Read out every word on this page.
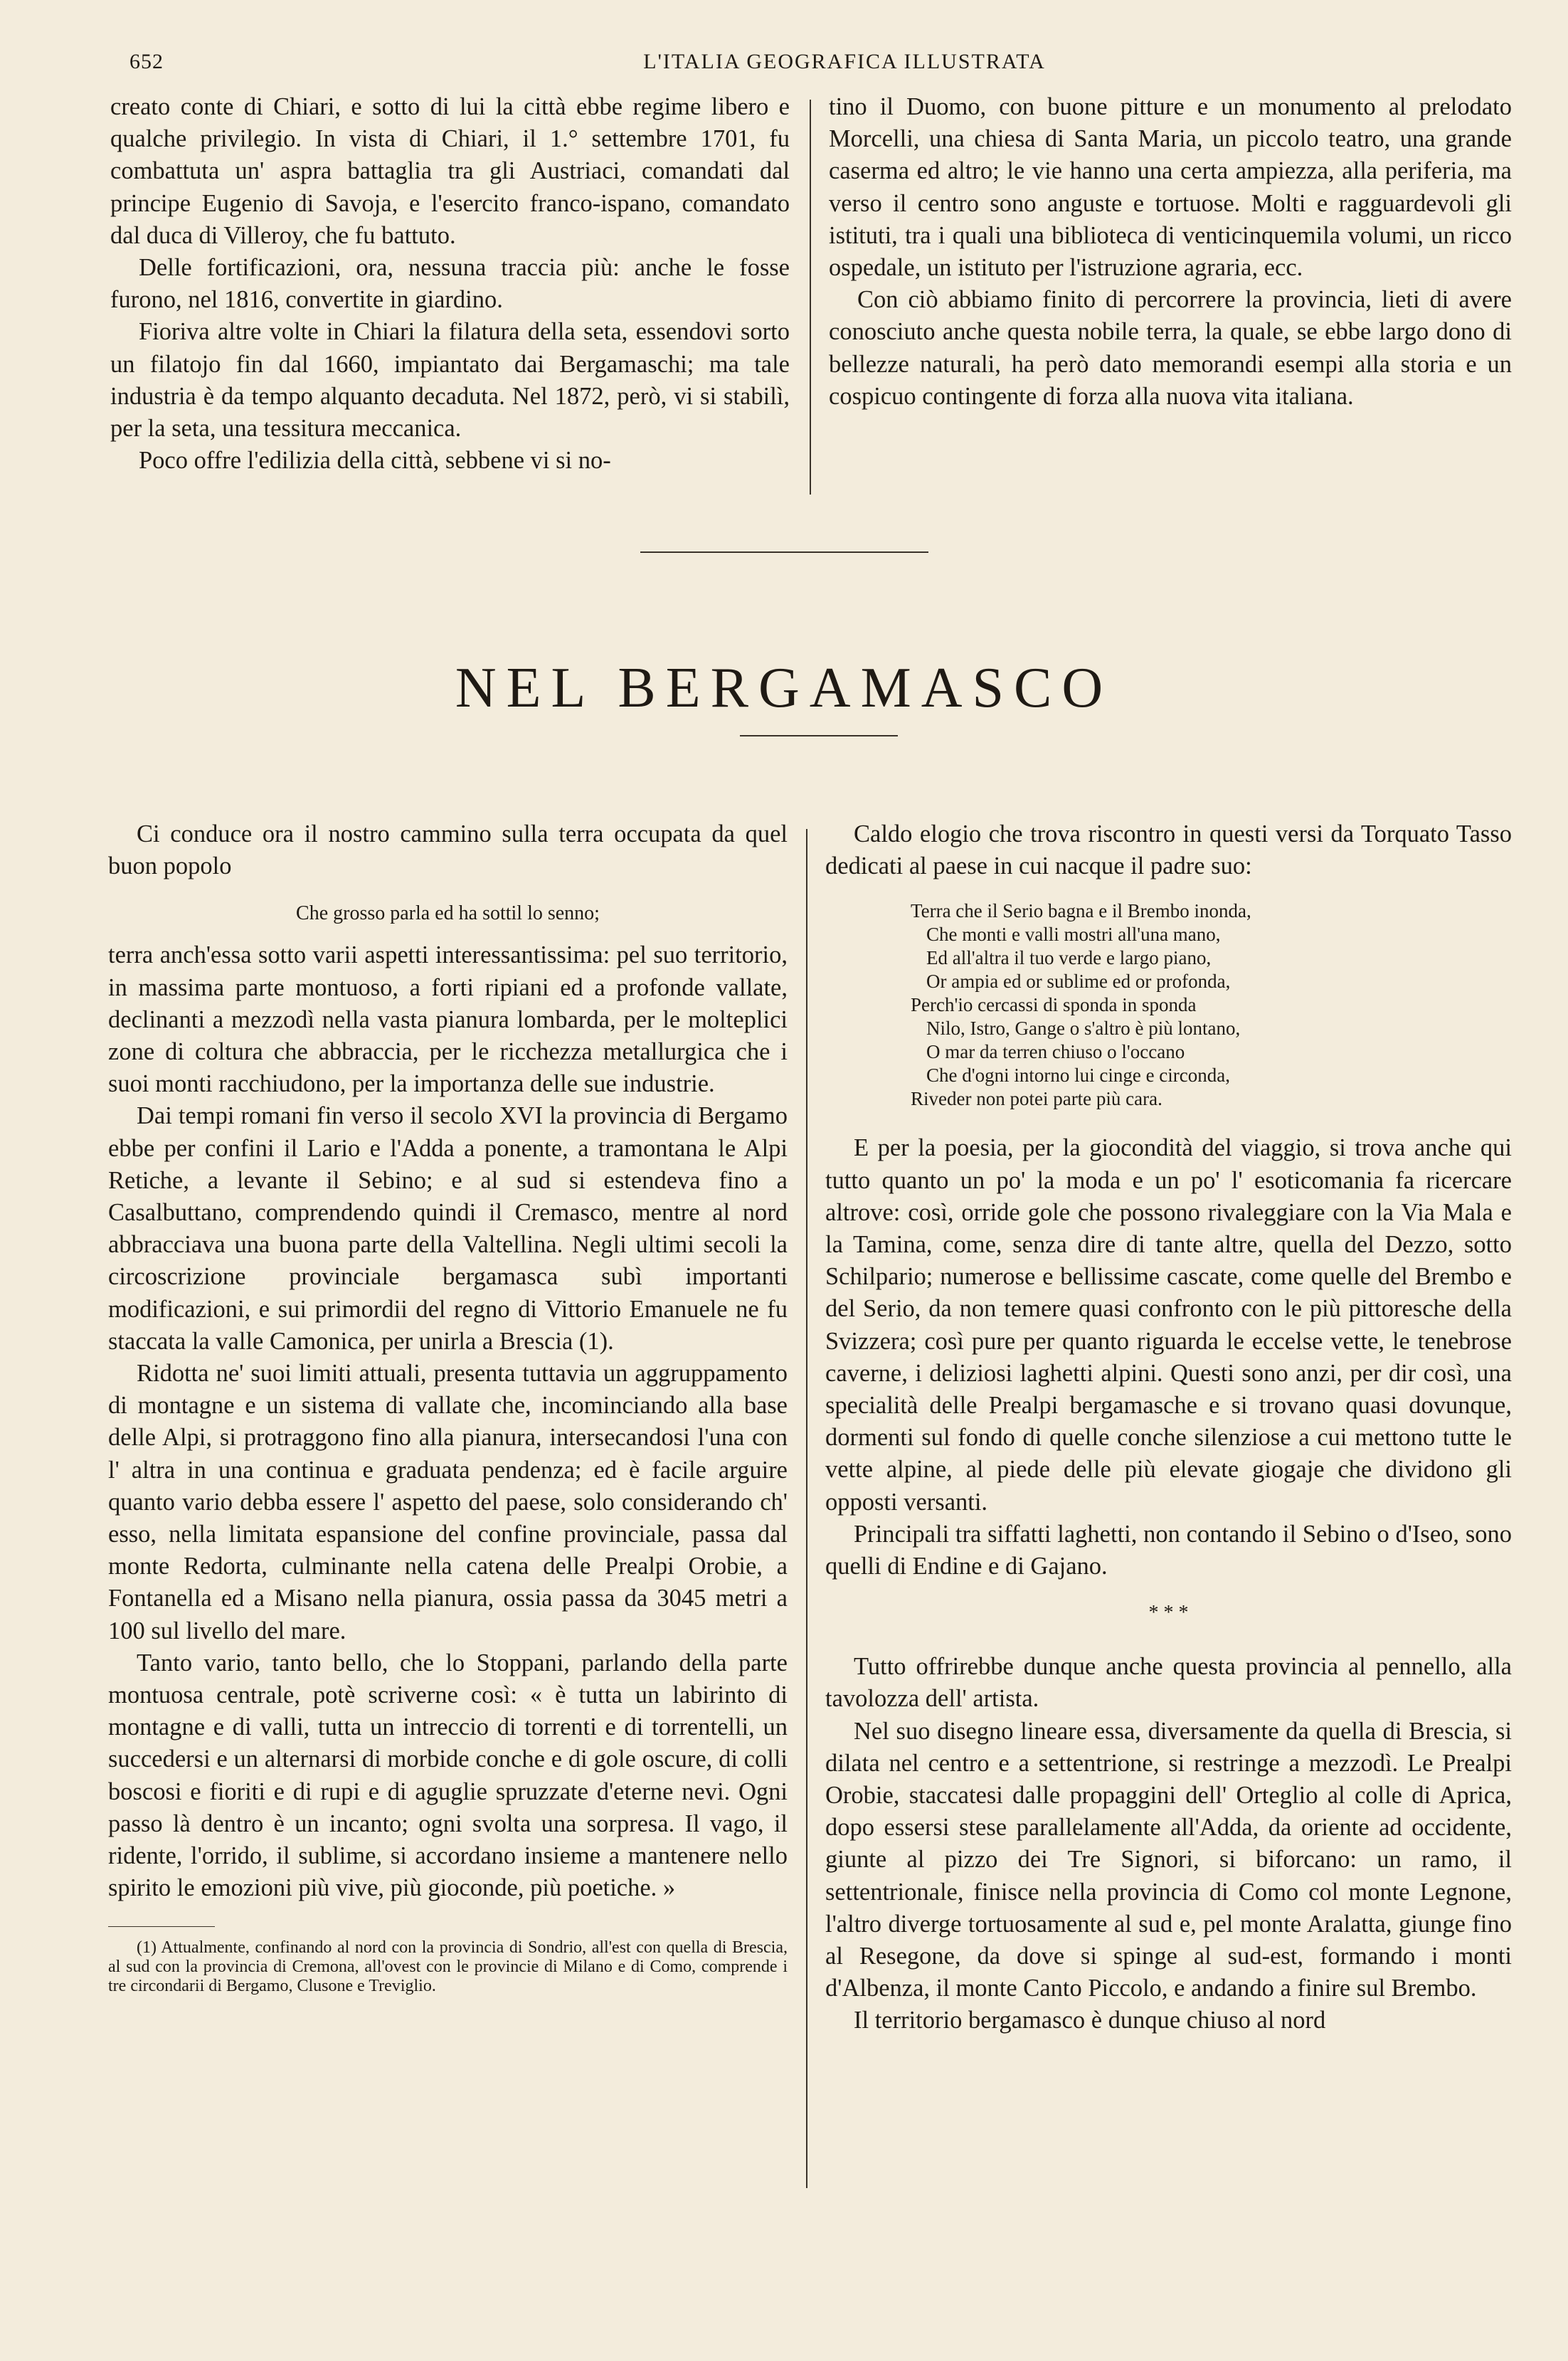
652	L'ITALIA GEOGRAFICA ILLUSTRATA

creato conte di Chiari, e sotto di lui la città ebbe regime libero e qualche privilegio. In vista di Chiari, il 1.° settembre 1701, fu combattuta un' aspra battaglia tra gli Austriaci, comandati dal principe Eugenio di Savoja, e l'esercito franco-ispano, comandato dal duca di Villeroy, che fu battuto.

Delle fortificazioni, ora, nessuna traccia più: anche le fosse furono, nel 1816, convertite in giardino.

Fioriva altre volte in Chiari la filatura della seta, essendovi sorto un filatojo fin dal 1660, impiantato dai Bergamaschi; ma tale industria è da tempo alquanto decaduta. Nel 1872, però, vi si stabilì, per la seta, una tessitura meccanica.

Poco offre l'edilizia della città, sebbene vi si no-

tino il Duomo, con buone pitture e un monumento al prelodato Morcelli, una chiesa di Santa Maria, un piccolo teatro, una grande caserma ed altro; le vie hanno una certa ampiezza, alla periferia, ma verso il centro sono anguste e tortuose. Molti e ragguardevoli gli istituti, tra i quali una biblioteca di venticinquemila volumi, un ricco ospedale, un istituto per l'istruzione agraria, ecc.

Con ciò abbiamo finito di percorrere la provincia, lieti di avere conosciuto anche questa nobile terra, la quale, se ebbe largo dono di bellezze naturali, ha però dato memorandi esempi alla storia e un cospicuo contingente di forza alla nuova vita italiana.

NEL BERGAMASCO

Ci conduce ora il nostro cammino sulla terra occupata da quel buon popolo

Che grosso parla ed ha sottil lo senno;

terra anch'essa sotto varii aspetti interessantissima: pel suo territorio, in massima parte montuoso, a forti ripiani ed a profonde vallate, declinanti a mezzodì nella vasta pianura lombarda, per le molteplici zone di coltura che abbraccia, per le ricchezza metallurgica che i suoi monti racchiudono, per la importanza delle sue industrie.

Dai tempi romani fin verso il secolo XVI la provincia di Bergamo ebbe per confini il Lario e l'Adda a ponente, a tramontana le Alpi Retiche, a levante il Sebino; e al sud si estendeva fino a Casalbuttano, comprendendo quindi il Cremasco, mentre al nord abbracciava una buona parte della Valtellina. Negli ultimi secoli la circoscrizione provinciale bergamasca subì importanti modificazioni, e sui primordii del regno di Vittorio Emanuele ne fu staccata la valle Camonica, per unirla a Brescia (1).

Ridotta ne' suoi limiti attuali, presenta tuttavia un aggruppamento di montagne e un sistema di vallate che, incominciando alla base delle Alpi, si protraggono fino alla pianura, intersecandosi l'una con l' altra in una continua e graduata pendenza; ed è facile arguire quanto vario debba essere l' aspetto del paese, solo considerando ch' esso, nella limitata espansione del confine provinciale, passa dal monte Redorta, culminante nella catena delle Prealpi Orobie, a Fontanella ed a Misano nella pianura, ossia passa da 3045 metri a 100 sul livello del mare.

Tanto vario, tanto bello, che lo Stoppani, parlando della parte montuosa centrale, potè scriverne così: « è tutta un labirinto di montagne e di valli, tutta un intreccio di torrenti e di torrentelli, un succedersi e un alternarsi di morbide conche e di gole oscure, di colli boscosi e fioriti e di rupi e di aguglie spruzzate d'eterne nevi. Ogni passo là dentro è un incanto; ogni svolta una sorpresa. Il vago, il ridente, l'orrido, il sublime, si accordano insieme a mantenere nello spirito le emozioni più vive, più gioconde, più poetiche. »

(1) Attualmente, confinando al nord con la provincia di Sondrio, all'est con quella di Brescia, al sud con la provincia di Cremona, all'ovest con le provincie di Milano e di Como, comprende i tre circondarii di Bergamo, Clusone e Treviglio.

Caldo elogio che trova riscontro in questi versi da Torquato Tasso dedicati al paese in cui nacque il padre suo:

Terra che il Serio bagna e il Brembo inonda,
Che monti e valli mostri all'una mano,
Ed all'altra il tuo verde e largo piano,
Or ampia ed or sublime ed or profonda,
Perch'io cercassi di sponda in sponda
Nilo, Istro, Gange o s'altro è più lontano,
O mar da terren chiuso o l'occano
Che d'ogni intorno lui cinge e circonda,
Riveder non potei parte più cara.

E per la poesia, per la giocondità del viaggio, si trova anche qui tutto quanto un po' la moda e un po' l' esoticomania fa ricercare altrove: così, orride gole che possono rivaleggiare con la Via Mala e la Tamina, come, senza dire di tante altre, quella del Dezzo, sotto Schilpario; numerose e bellissime cascate, come quelle del Brembo e del Serio, da non temere quasi confronto con le più pittoresche della Svizzera; così pure per quanto riguarda le eccelse vette, le tenebrose caverne, i deliziosi laghetti alpini. Questi sono anzi, per dir così, una specialità delle Prealpi bergamasche e si trovano quasi dovunque, dormenti sul fondo di quelle conche silenziose a cui mettono tutte le vette alpine, al piede delle più elevate giogaje che dividono gli opposti versanti.

Principali tra siffatti laghetti, non contando il Sebino o d'Iseo, sono quelli di Endine e di Gajano.

* * *

Tutto offrirebbe dunque anche questa provincia al pennello, alla tavolozza dell' artista.

Nel suo disegno lineare essa, diversamente da quella di Brescia, si dilata nel centro e a settentrione, si restringe a mezzodì. Le Prealpi Orobie, staccatesi dalle propaggini dell' Orteglio al colle di Aprica, dopo essersi stese parallelamente all'Adda, da oriente ad occidente, giunte al pizzo dei Tre Signori, si biforcano: un ramo, il settentrionale, finisce nella provincia di Como col monte Legnone, l'altro diverge tortuosamente al sud e, pel monte Aralatta, giunge fino al Resegone, da dove si spinge al sud-est, formando i monti d'Albenza, il monte Canto Piccolo, e andando a finire sul Brembo.

Il territorio bergamasco è dunque chiuso al nord
